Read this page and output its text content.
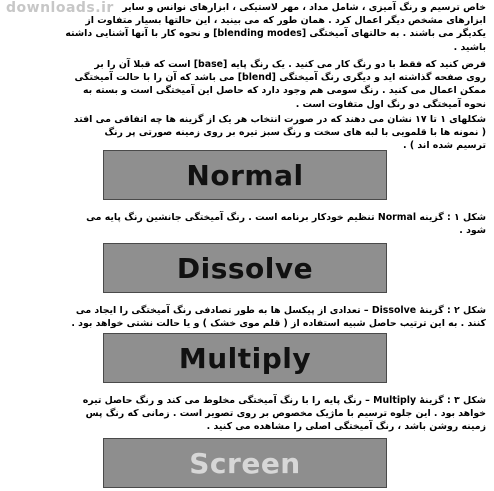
downloads.ir خاص ترسیم و رنگ آمیزی ، شامل مداد ، مهر لاستیکی ، ابزارهای نوانس و سایر
ابزارهای مشخص دیگر اعمال کرد . همان طور که می بینید ، این حالتها بسیار متفاوت از
یکدیگر می باشند . به حالتهای آمیختگی [blending modes] و نحوه کار با آنها آشنایی داشته
باشید .
فرض کنید که فقط با دو رنگ کار می کنید . یک رنگ پایه [base] است که قبلا آن را بر
روی صفحه گذاشته اید و دیگری رنگ آمیختگی [blend] می باشد که آن را با حالت آمیختگی
ممکن اعمال می کنید . رنگ سومی هم وجود دارد که حاصل این آمیختگی است و بسته به
نحوه آمیختگی دو رنگ اول متفاوت است .
شکلهای ۱ تا ۱۷ نشان می دهند که در صورت انتخاب هر یک از گزینه ها چه اتفاقی می افتد
( نمونه ها با قلمویی با لبه های سخت و رنگ سبز تیره بر روی زمینه صورتی پر رنگ
ترسیم شده اند ) .
Normal
شکل ۱ : گزینه Normal تنظیم خودکار برنامه است . رنگ آمیختگی جانشین رنگ پایه می
شود .
Dissolve
شکل ۲ : گزینهٔ Dissolve – تعدادی از پیکسل ها به طور تصادفی رنگ آمیختگی را ایجاد می
کنند . به این ترتیب حاصل شبیه استفاده از ( قلم موی خشک ) و یا حالت نشتی خواهد بود .
Multiply
شکل ۳ : گزینهٔ Multiply – رنگ پایه را با رنگ آمیختگی مخلوط می کند و رنگ حاصل تیره
خواهد بود . این جلوه ترسیم با ماژیک مخصوص بر روی تصویر است . زمانی که رنگ پس
زمینه روشن باشد ، رنگ آمیختگی اصلی را مشاهده می کنید .
Screen
